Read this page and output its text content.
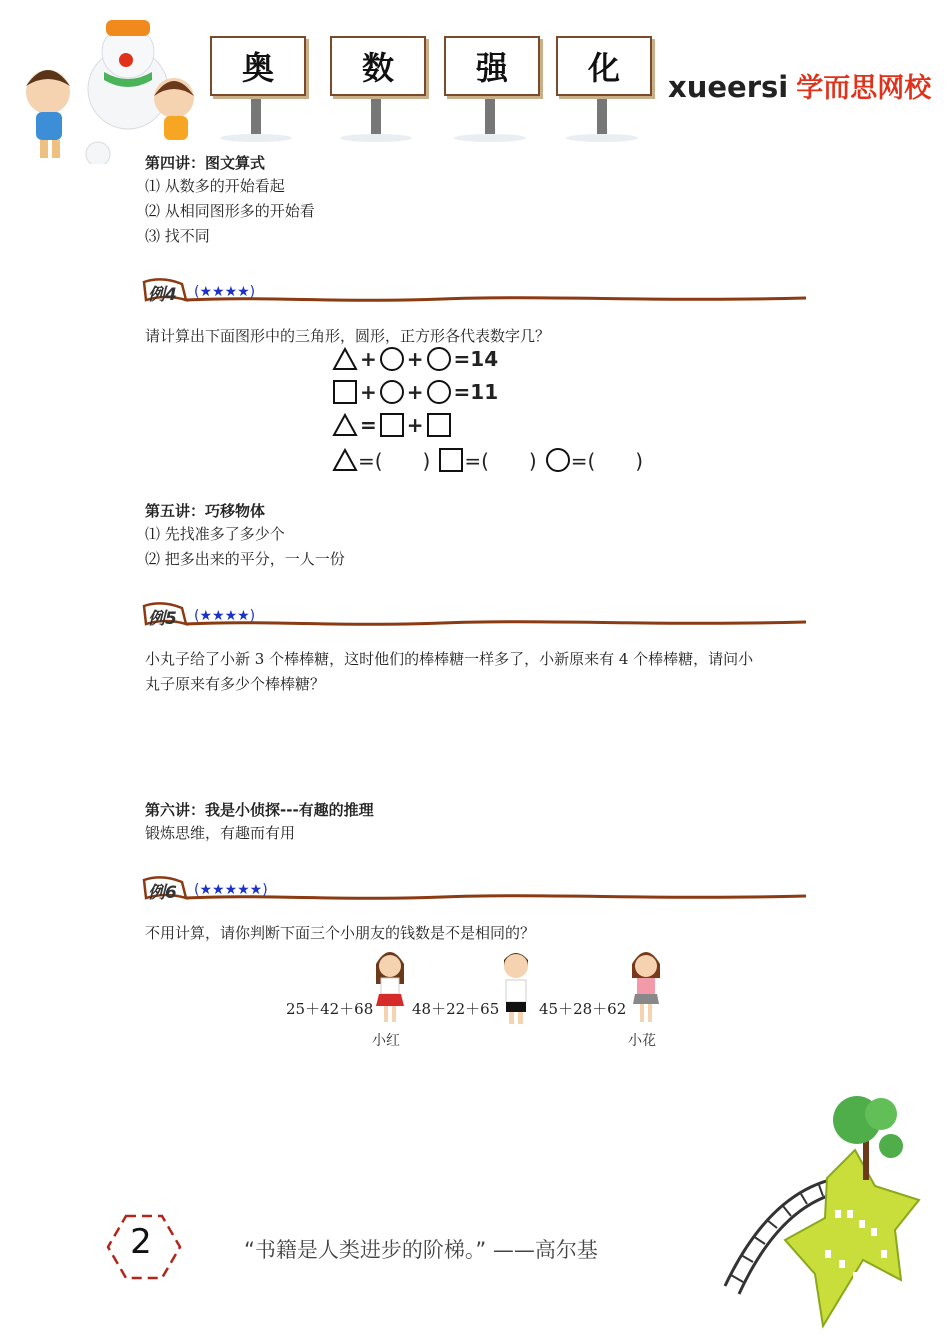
奥	数	强	化	xueersi 学而思网校
第四讲：图文算式
⑴ 从数多的开始看起
⑵ 从相同图形多的开始看
⑶ 找不同
例4 (★★★★)
请计算出下面图形中的三角形，圆形，正方形各代表数字几？
+ + =14
+ + =11
= +
=(　　) =(　　) =(　　)
第五讲：巧移物体
⑴ 先找准多了多少个
⑵ 把多出来的平分，一人一份
例5 (★★★★)
小丸子给了小新 3 个棒棒糖，这时他们的棒棒糖一样多了，小新原来有 4 个棒棒糖，请问小
丸子原来有多少个棒棒糖？
第六讲：我是小侦探---有趣的推理
锻炼思维，有趣而有用
例6 (★★★★★)
不用计算，请你判断下面三个小朋友的钱数是不是相同的？
25＋42＋68
小红
48＋22＋65	45＋28＋62
小花
2	“书籍是人类进步的阶梯。” ——高尔基
